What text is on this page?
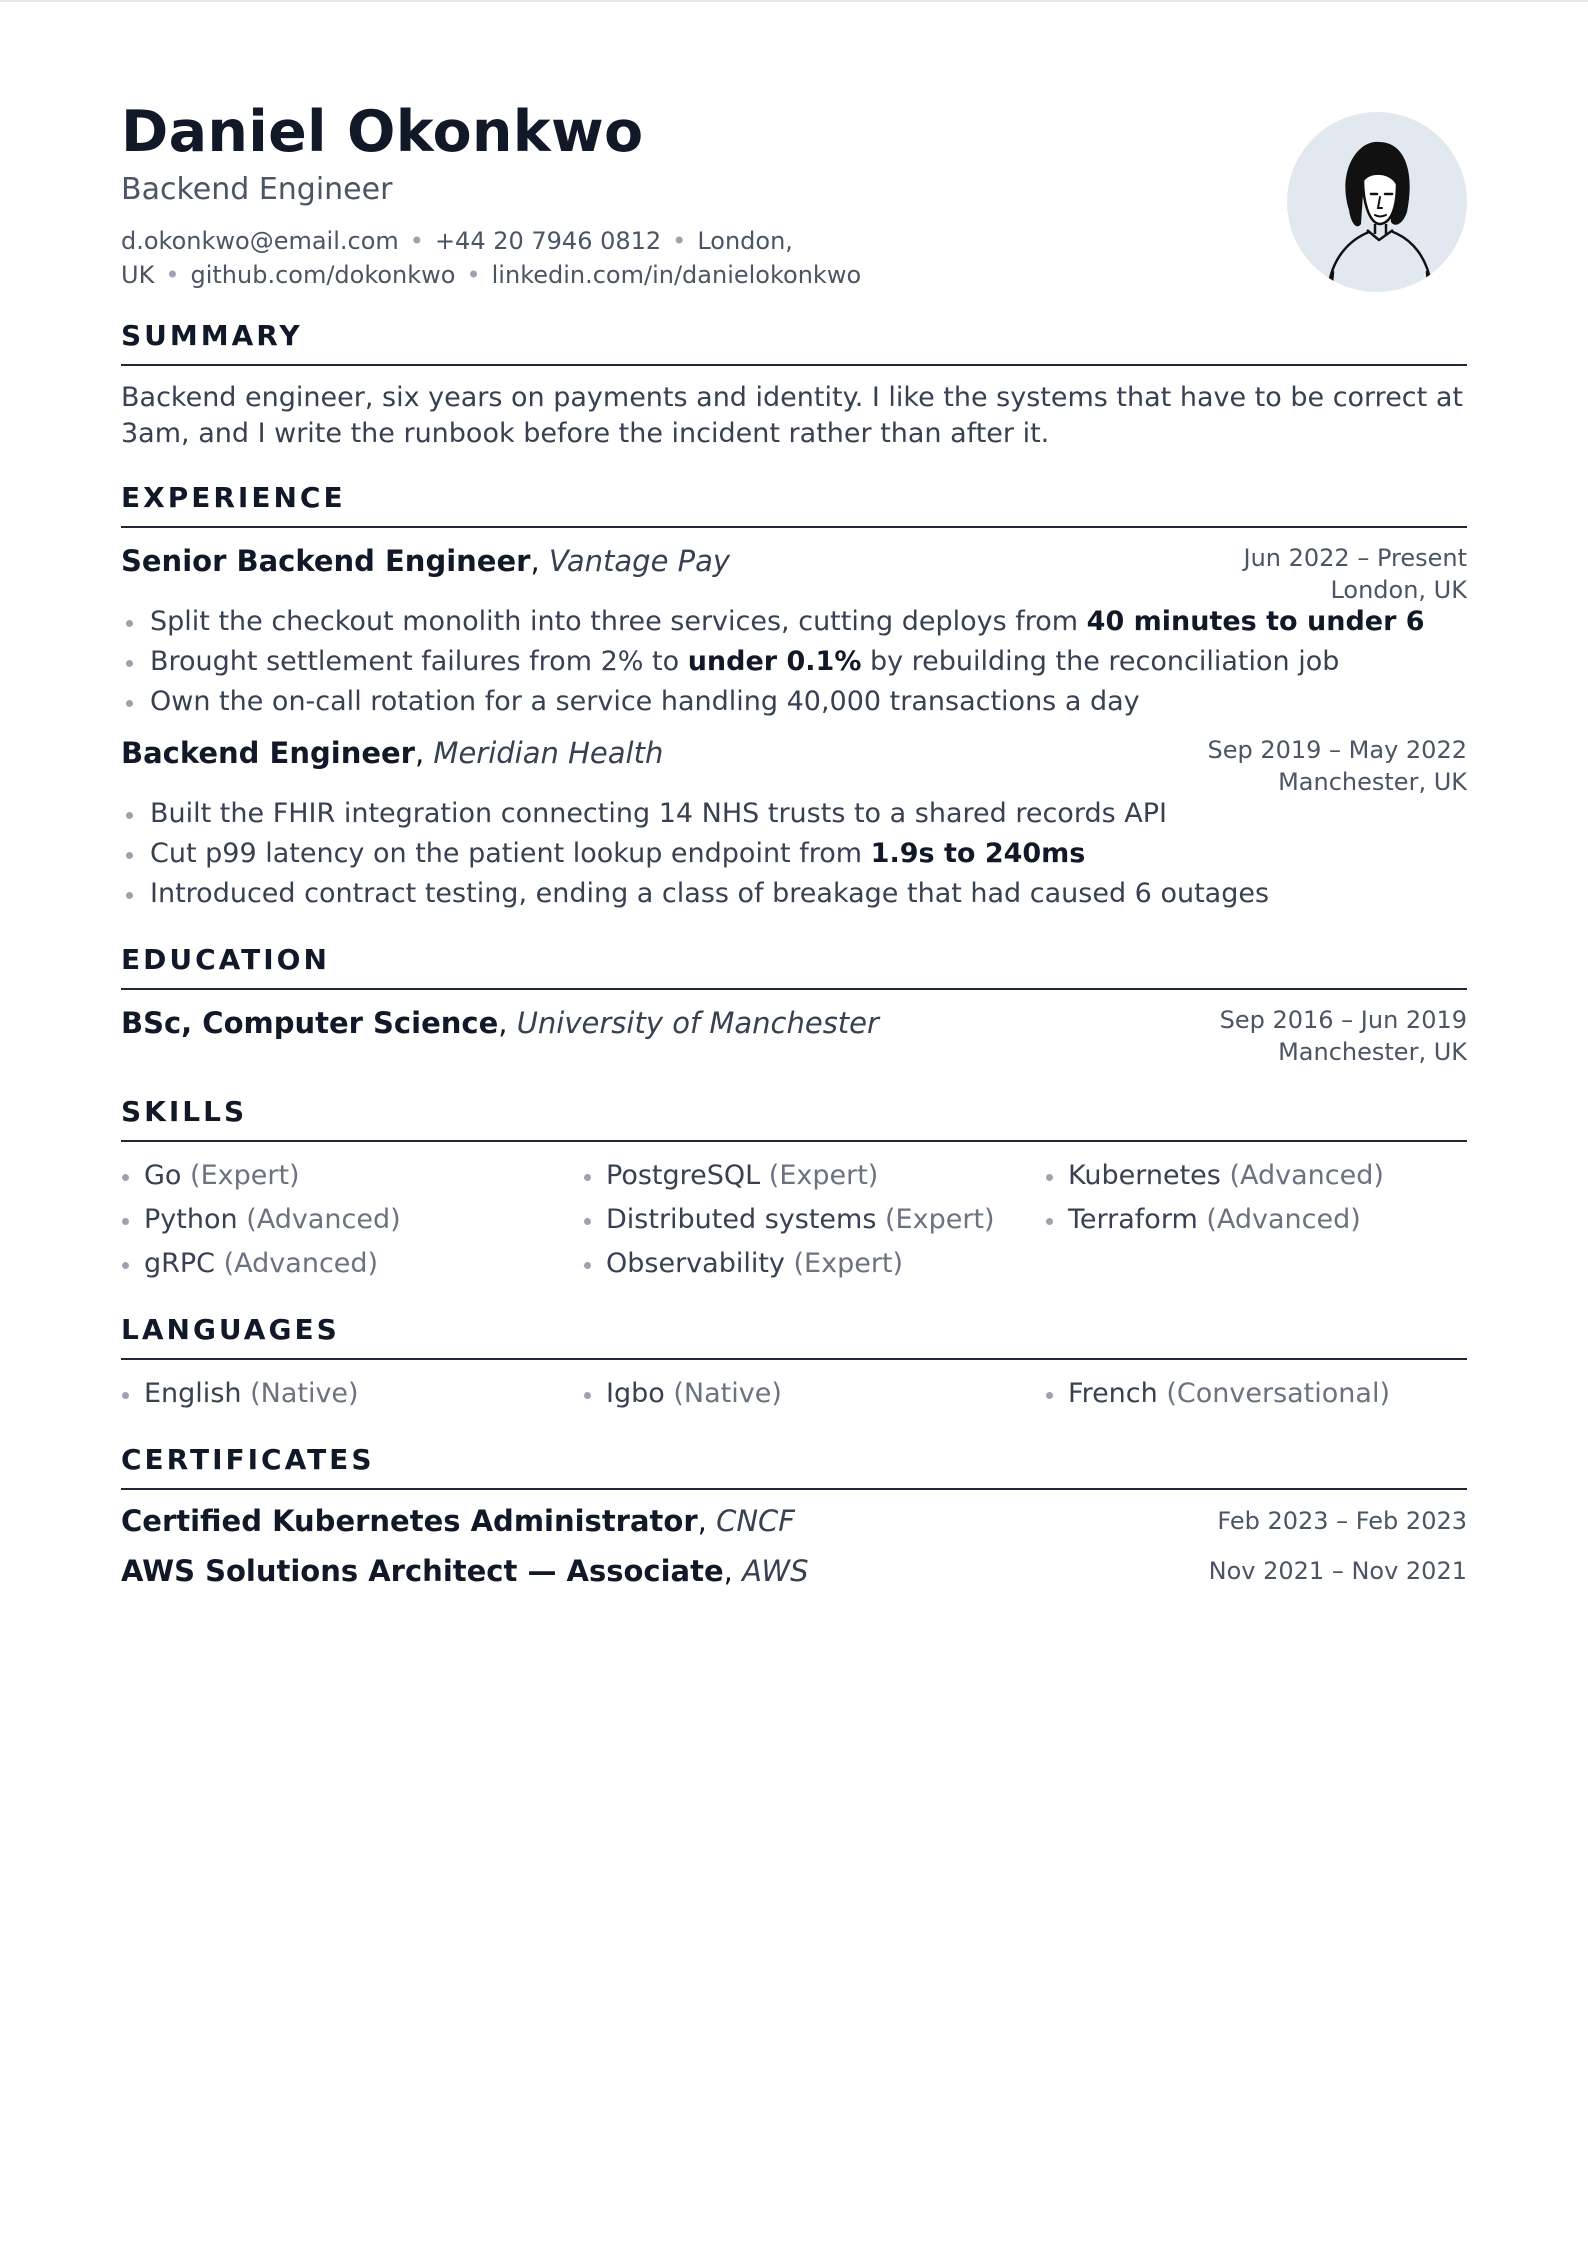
Daniel Okonkwo
Backend Engineer
d.okonkwo@email.com • +44 20 7946 0812 • London,
UK • github.com/dokonkwo • linkedin.com/in/danielokonkwo
SUMMARY
Backend engineer, six years on payments and identity. I like the systems that have to be correct at 3am, and I write the runbook before the incident rather than after it.
EXPERIENCE
Senior Backend Engineer, Vantage Pay	Jun 2022 – Present
London, UK
Split the checkout monolith into three services, cutting deploys from 40 minutes to under 6
Brought settlement failures from 2% to under 0.1% by rebuilding the reconciliation job
Own the on-call rotation for a service handling 40,000 transactions a day
Backend Engineer, Meridian Health	Sep 2019 – May 2022
Manchester, UK
Built the FHIR integration connecting 14 NHS trusts to a shared records API
Cut p99 latency on the patient lookup endpoint from 1.9s to 240ms
Introduced contract testing, ending a class of breakage that had caused 6 outages
EDUCATION
BSc, Computer Science, University of Manchester	Sep 2016 – Jun 2019
Manchester, UK
SKILLS
Go (Expert)	PostgreSQL (Expert)	Kubernetes (Advanced)
Python (Advanced)	Distributed systems (Expert)	Terraform (Advanced)
gRPC (Advanced)	Observability (Expert)
LANGUAGES
English (Native)	Igbo (Native)	French (Conversational)
CERTIFICATES
Certified Kubernetes Administrator, CNCF	Feb 2023 – Feb 2023
AWS Solutions Architect — Associate, AWS	Nov 2021 – Nov 2021
